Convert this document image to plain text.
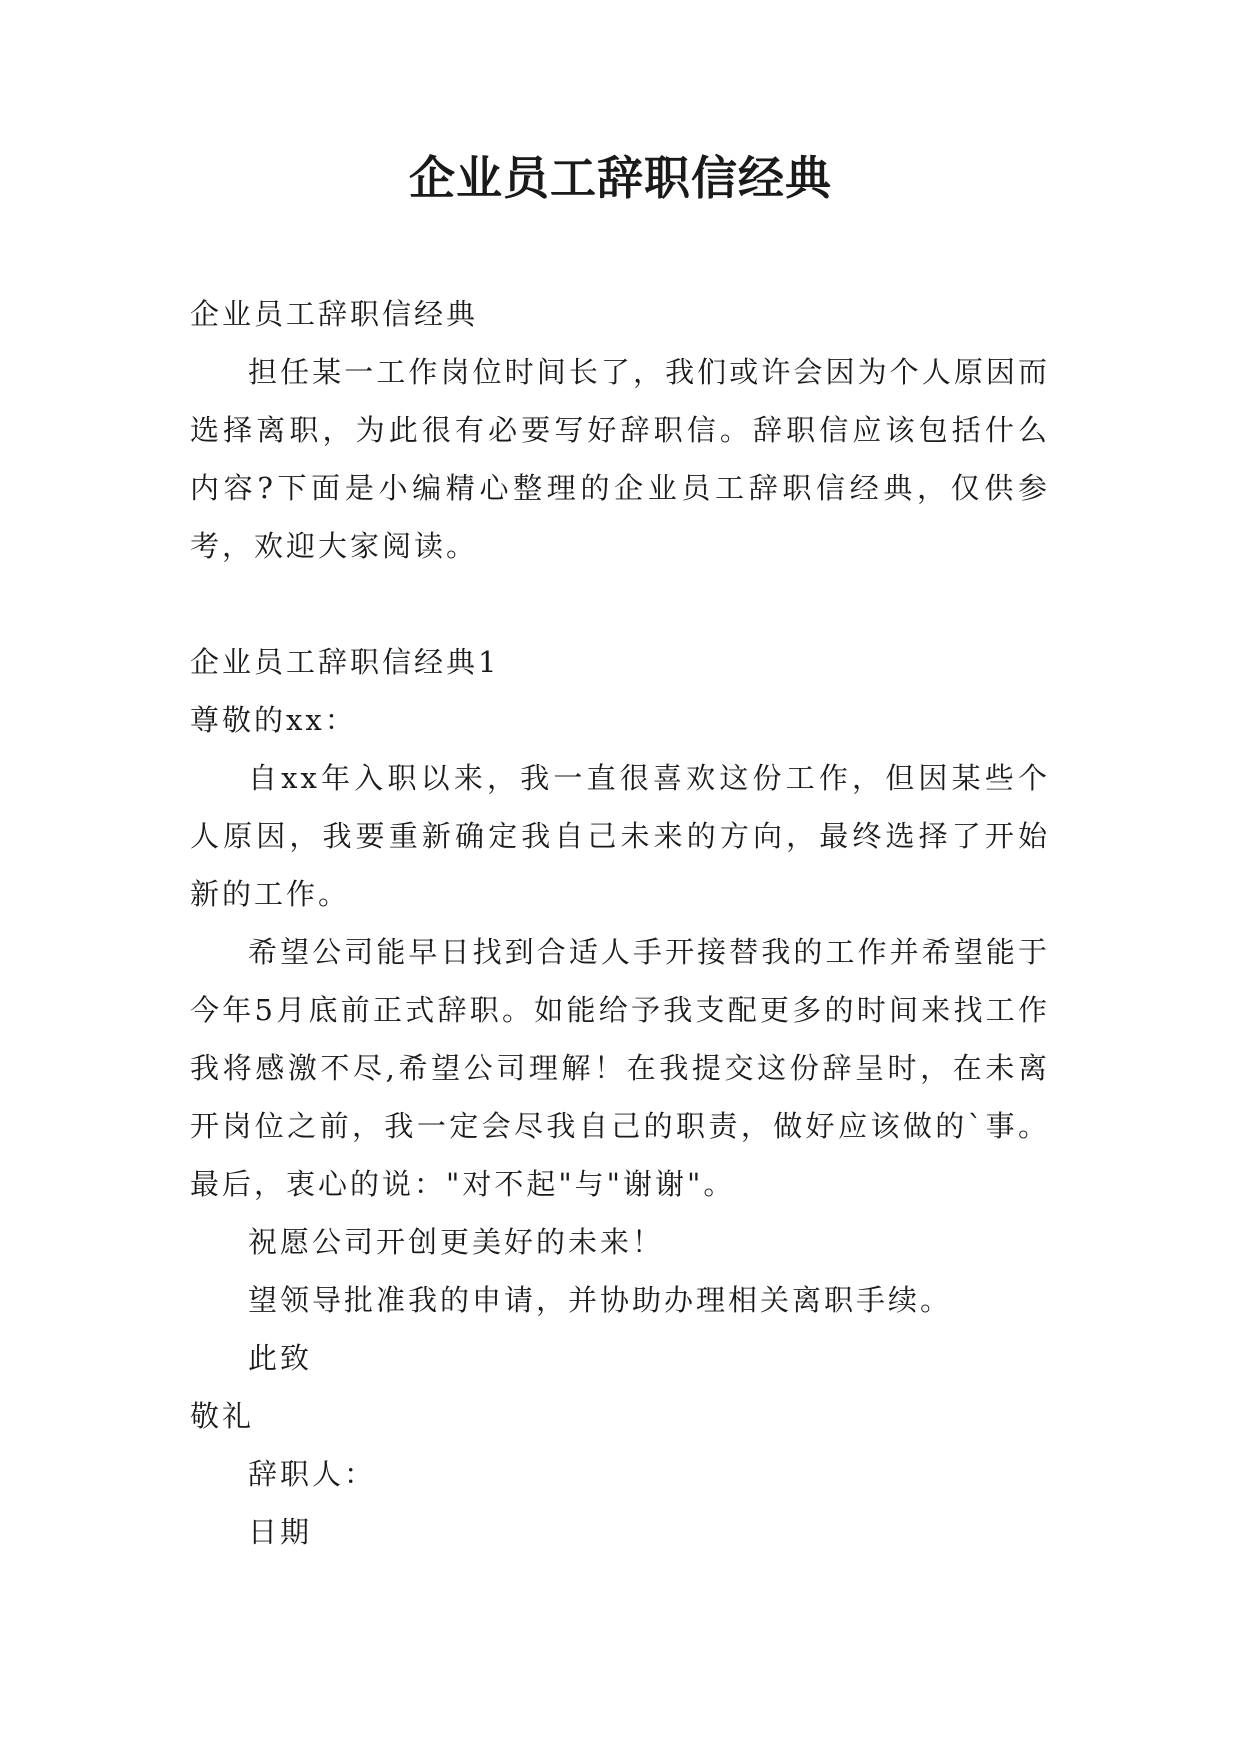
企业员工辞职信经典

企业员工辞职信经典

担任某一工作岗位时间长了，我们或许会因为个人原因而选择离职，为此很有必要写好辞职信。辞职信应该包括什么内容?下面是小编精心整理的企业员工辞职信经典，仅供参考，欢迎大家阅读。

企业员工辞职信经典1

尊敬的xx：

自xx年入职以来，我一直很喜欢这份工作，但因某些个人原因，我要重新确定我自己未来的方向，最终选择了开始新的工作。

希望公司能早日找到合适人手开接替我的工作并希望能于今年5月底前正式辞职。如能给予我支配更多的时间来找工作我将感激不尽,希望公司理解！在我提交这份辞呈时，在未离开岗位之前，我一定会尽我自己的职责，做好应该做的`事。最后，衷心的说："对不起"与"谢谢"。

祝愿公司开创更美好的未来！

望领导批准我的申请，并协助办理相关离职手续。

此致

敬礼

辞职人：

日期
